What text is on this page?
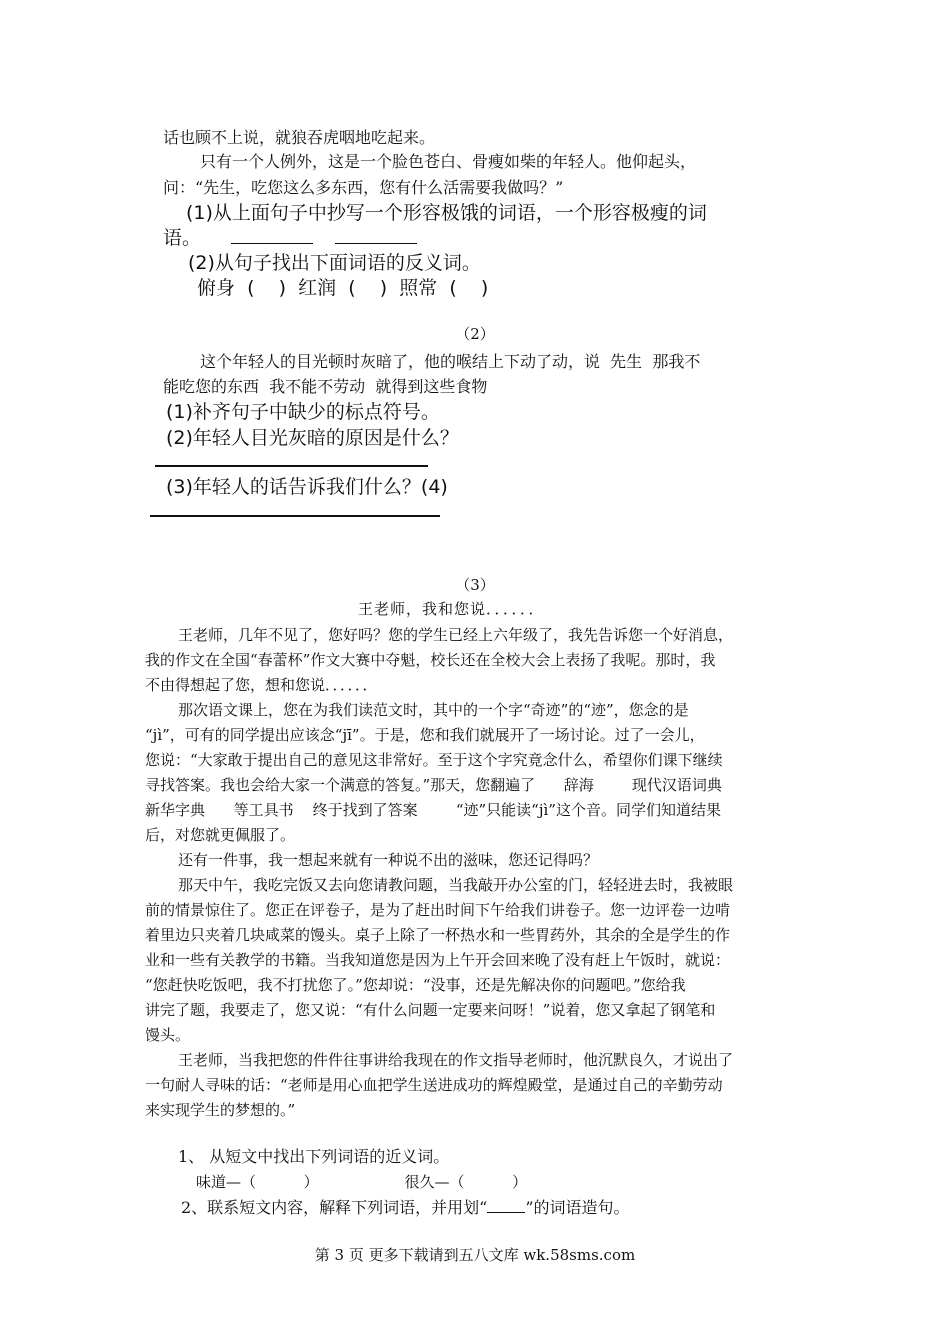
话也顾不上说，就狼吞虎咽地吃起来。
只有一个人例外，这是一个脸色苍白、骨瘦如柴的年轻人。他仰起头，
问：“先生，吃您这么多东西，您有什么活需要我做吗？”
(1)从上面句子中抄写一个形容极饿的词语，一个形容极瘦的词
语。
(2)从句子找出下面词语的反义词。
俯身  (    )  红润  (    )  照常  (    )
（2）
这个年轻人的目光顿时灰暗了，他的喉结上下动了动，说  先生  那我不
能吃您的东西  我不能不劳动  就得到这些食物
(1)补齐句子中缺少的标点符号。
(2)年轻人目光灰暗的原因是什么？
(3)年轻人的话告诉我们什么？(4)
（3）
王老师，我和您说．．．．．．
王老师，几年不见了，您好吗？您的学生已经上六年级了，我先告诉您一个好消息，
我的作文在全国“春蕾杯”作文大赛中夺魁，校长还在全校大会上表扬了我呢。那时，我
不由得想起了您，想和您说．．．．．．
那次语文课上，您在为我们读范文时，其中的一个字“奇迹”的“迹”，您念的是
“jì”，可有的同学提出应该念“jī”。于是，您和我们就展开了一场讨论。过了一会儿，
您说：“大家敢于提出自己的意见这非常好。至于这个字究竟念什么，希望你们课下继续
寻找答案。我也会给大家一个满意的答复。”那天，您翻遍了      辞海        现代汉语词典
新华字典      等工具书    终于找到了答案        “迹”只能读“jì”这个音。同学们知道结果
后，对您就更佩服了。
还有一件事，我一想起来就有一种说不出的滋味，您还记得吗？
那天中午，我吃完饭又去向您请教问题，当我敲开办公室的门，轻轻进去时，我被眼
前的情景惊住了。您正在评卷子，是为了赶出时间下午给我们讲卷子。您一边评卷一边啃
着里边只夹着几块咸菜的馒头。桌子上除了一杯热水和一些胃药外，其余的全是学生的作
业和一些有关教学的书籍。当我知道您是因为上午开会回来晚了没有赶上午饭时，就说：
“您赶快吃饭吧，我不打扰您了。”您却说：“没事，还是先解决你的问题吧。”您给我
讲完了题，我要走了，您又说：“有什么问题一定要来问呀！”说着，您又拿起了钢笔和
馒头。
王老师，当我把您的件件往事讲给我现在的作文指导老师时，他沉默良久，才说出了
一句耐人寻味的话：“老师是用心血把学生送进成功的辉煌殿堂，是通过自己的辛勤劳动
来实现学生的梦想的。”
1、 从短文中找出下列词语的近义词。
味道—（          ）                  很久—（          ）
2、联系短文内容，解释下列词语，并用划“ ”的词语造句。
第 3 页 更多下载请到五八文库 wk.58sms.com
